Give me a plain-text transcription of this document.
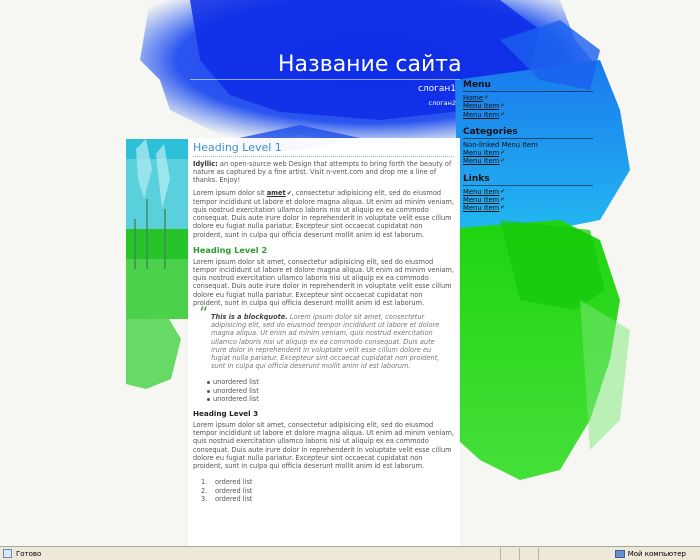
Название сайта
слоган1
слоган2
Heading Level 1

Idyllic: an open-source web Design that attempts to bring forth the beauty of nature as captured by a fine artist. Visit n-vent.com and drop me a line of thanks. Enjoy!

Lorem ipsum dolor sit amet✔, consectetur adipisicing elit, sed do eiusmod tempor incididunt ut labore et dolore magna aliqua. Ut enim ad minim veniam, quis nostrud exercitation ullamco laboris nisi ut aliquip ex ea commodo consequat. Duis aute irure dolor in reprehenderit in voluptate velit esse cillum dolore eu fugiat nulla pariatur. Excepteur sint occaecat cupidatat non proident, sunt in culpa qui officia deserunt mollit anim id est laborum.

Heading Level 2

Lorem ipsum dolor sit amet, consectetur adipisicing elit, sed do eiusmod tempor incididunt ut labore et dolore magna aliqua. Ut enim ad minim veniam, quis nostrud exercitation ullamco laboris nisi ut aliquip ex ea commodo consequat. Duis aute irure dolor in reprehenderit in voluptate velit esse cillum dolore eu fugiat nulla pariatur. Excepteur sint occaecat cupidatat non proident, sunt in culpa qui officia deserunt mollit anim id est laborum.

“ This is a blockquote. Lorem ipsum dolor sit amet, consectetur adipisicing elit, sed do eiusmod tempor incididunt ut labore et dolore magna aliqua. Ut enim ad minim veniam, quis nostrud exercitation ullamco laboris nisi ut aliquip ex ea commodo consequat. Duis aute irure dolor in reprehenderit in voluptate velit esse cillum dolore eu fugiat nulla pariatur. Excepteur sint occaecat cupidatat non proident, sunt in culpa qui officia deserunt mollit anim id est laborum.
unordered list
unordered list
unordered list
Heading Level 3

Lorem ipsum dolor sit amet, consectetur adipisicing elit, sed do eiusmod tempor incididunt ut labore et dolore magna aliqua. Ut enim ad minim veniam, quis nostrud exercitation ullamco laboris nisi ut aliquip ex ea commodo consequat. Duis aute irure dolor in reprehenderit in voluptate velit esse cillum dolore eu fugiat nulla pariatur. Excepteur sint occaecat cupidatat non proident, sunt in culpa qui officia deserunt mollit anim id est laborum.

1.	ordered list
2.	ordered list
3.	ordered list
Menu
Home ✔
Menu Item ✔
Menu Item ✔
Categories
Non-linked Menu Item
Menu Item ✔
Menu Item ✔
Links
Menu Item ✔
Menu Item ✔
Menu Item ✔
Готово	Мой компьютер
